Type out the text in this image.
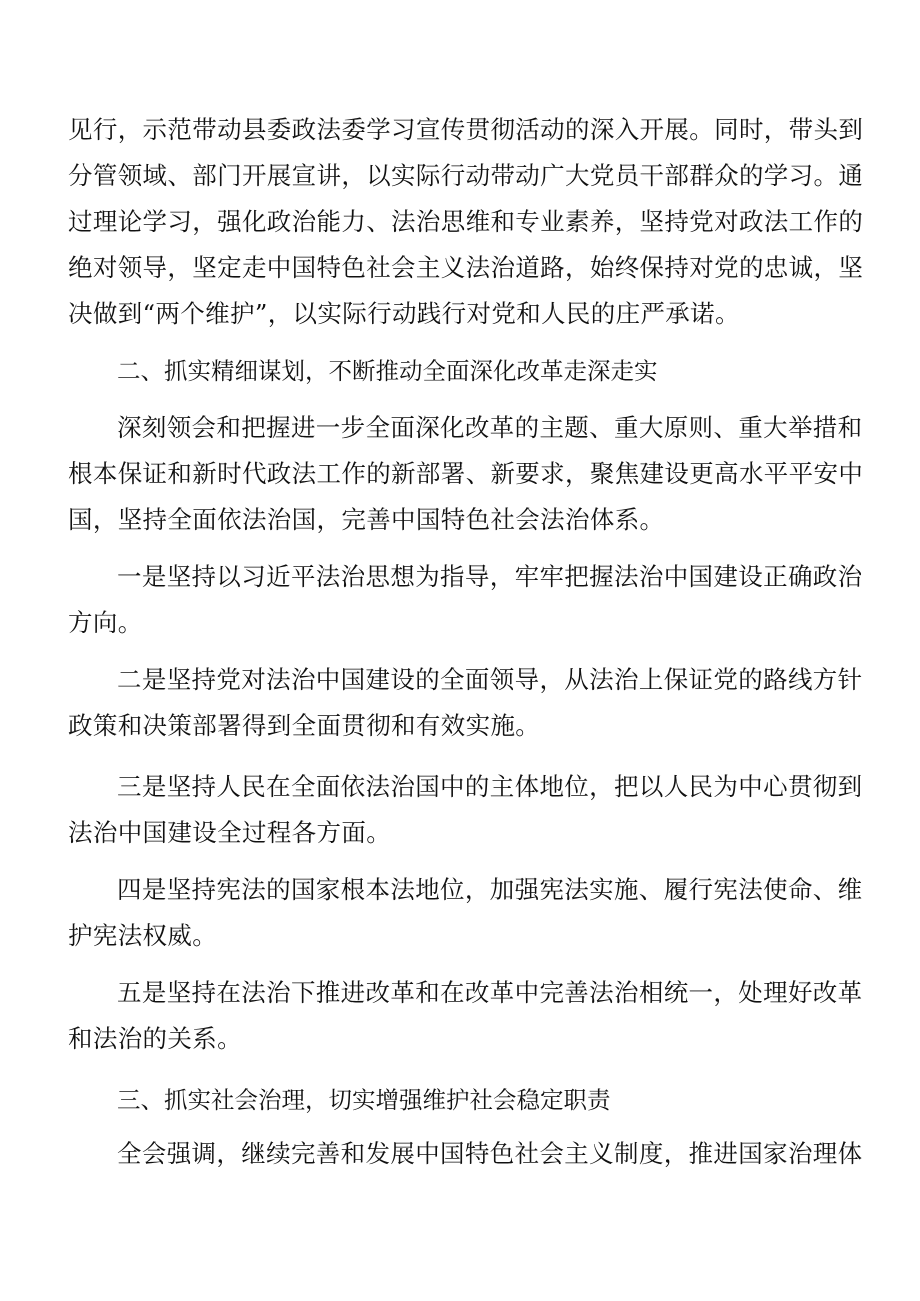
见行，示范带动县委政法委学习宣传贯彻活动的深入开展。同时，带头到
分管领域、部门开展宣讲，以实际行动带动广大党员干部群众的学习。通
过理论学习，强化政治能力、法治思维和专业素养，坚持党对政法工作的
绝对领导，坚定走中国特色社会主义法治道路，始终保持对党的忠诚，坚
决做到“两个维护”，以实际行动践行对党和人民的庄严承诺。
二、抓实精细谋划，不断推动全面深化改革走深走实
深刻领会和把握进一步全面深化改革的主题、重大原则、重大举措和
根本保证和新时代政法工作的新部署、新要求，聚焦建设更高水平平安中
国，坚持全面依法治国，完善中国特色社会法治体系。
一是坚持以习近平法治思想为指导，牢牢把握法治中国建设正确政治
方向。
二是坚持党对法治中国建设的全面领导，从法治上保证党的路线方针
政策和决策部署得到全面贯彻和有效实施。
三是坚持人民在全面依法治国中的主体地位，把以人民为中心贯彻到
法治中国建设全过程各方面。
四是坚持宪法的国家根本法地位，加强宪法实施、履行宪法使命、维
护宪法权威。
五是坚持在法治下推进改革和在改革中完善法治相统一，处理好改革
和法治的关系。
三、抓实社会治理，切实增强维护社会稳定职责
全会强调，继续完善和发展中国特色社会主义制度，推进国家治理体
